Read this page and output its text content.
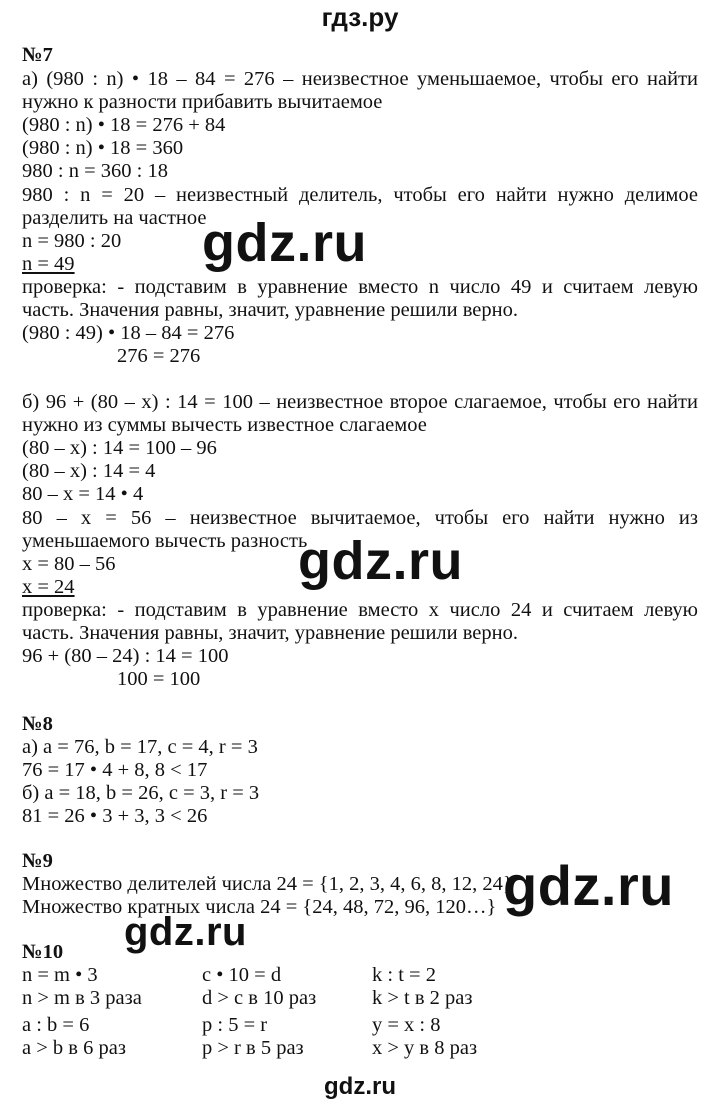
гдз.ру
№7
а) (980 : n) • 18 – 84 = 276 – неизвестное уменьшаемое, чтобы его найти
нужно к разности прибавить вычитаемое
(980 : n) • 18 = 276 + 84
(980 : n) • 18 = 360
980 : n = 360 : 18
980 : n = 20 – неизвестный делитель, чтобы его найти нужно делимое
разделить на частное
n = 980 : 20
n = 49
проверка: - подставим в уравнение вместо n число 49 и считаем левую
часть. Значения равны, значит, уравнение решили верно.
(980 : 49) • 18 – 84 = 276
276 = 276
б) 96 + (80 – x) : 14 = 100 – неизвестное второе слагаемое, чтобы его найти
нужно из суммы вычесть известное слагаемое
(80 – x) : 14 = 100 – 96
(80 – x) : 14 = 4
80 – x = 14 • 4
80 – x = 56 – неизвестное вычитаемое, чтобы его найти нужно из
уменьшаемого вычесть разность
x = 80 – 56
x = 24
проверка: - подставим в уравнение вместо x число 24 и считаем левую
часть. Значения равны, значит, уравнение решили верно.
96 + (80 – 24) : 14 = 100
100 = 100
№8
а) a = 76, b = 17, c = 4, r = 3
76 = 17 • 4 + 8, 8 < 17
б) a = 18, b = 26, c = 3, r = 3
81 = 26 • 3 + 3, 3 < 26
№9
Множество делителей числа 24 = {1, 2, 3, 4, 6, 8, 12, 24}
Множество кратных числа 24 = {24, 48, 72, 96, 120…}
№10
n = m • 3	c • 10 = d	k : t = 2
n > m в 3 раза	d > c в 10 раз	k > t в 2 раз
a : b = 6	p : 5 = r	y = x : 8
a > b в 6 раз	p > r в 5 раз	x > y в 8 раз
gdz.ru
gdz.ru
gdz.ru
gdz.ru
gdz.ru
